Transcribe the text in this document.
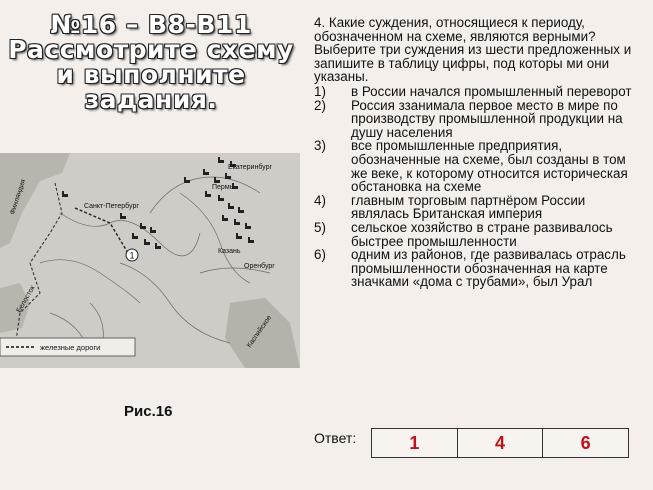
№16 – В8-В11
Рассмотрите схему
и выполните
задания.
1
Финляндия	Санкт-Петербург
Пермь
Екатеринбург
Казань
Оренбург
Белосток
Каспийское
железные дороги
Рис.16

4. Какие суждения, относящиеся к периоду, обозначенном на схеме, являются верными? Выберите три суждения из шести предложенных и запишите в таблицу цифры, под которы ми они указаны.

1)	в России начался промышленный переворот
2)	Россия ззанимала первое место в мире по производству промышленной продукции на душу населения
3)	все промышленные предприятия, обозначенные на схеме, был созданы в том же веке, к которому относится историческая обстановка на схеме
4)	главным торговым партнёром России являлась Британская империя
5)	сельское хозяйство в стране развивалось быстрее промышленности
6)	одним из районов, где развивалась отрасль промышленности обозначенная на карте значками «дома с трубами», был Урал
Ответ:	1	4	6
